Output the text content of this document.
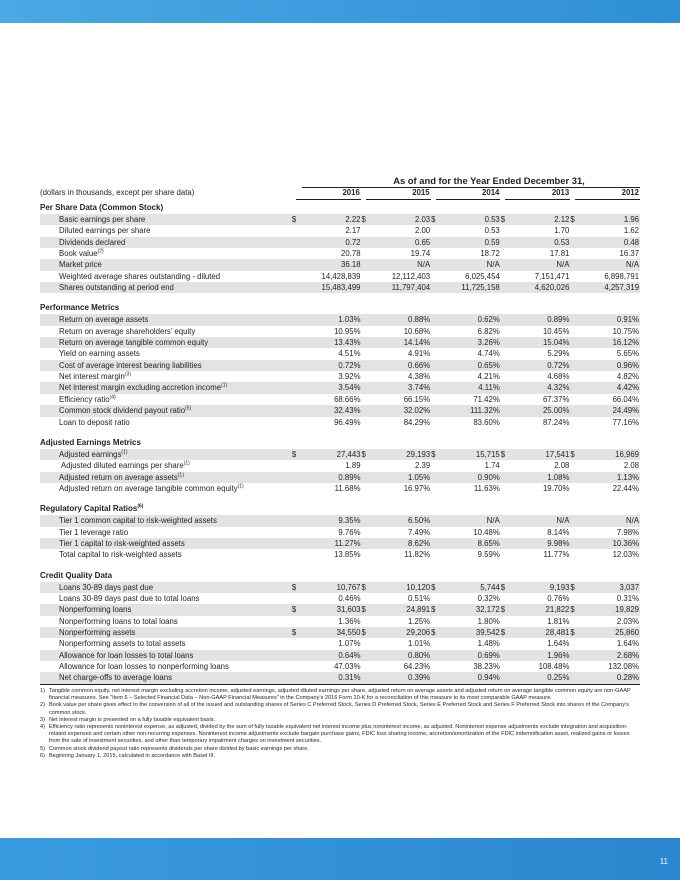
As of and for the Year Ended December 31,
(dollars in thousands, except per share data)	2016	2015	2014	2013	2012
Per Share Data (Common Stock)
Basic earnings per share	$	2.22 $	2.03 $	0.53 $	2.12 $	1.96
Diluted earnings per share	2.17	2.00	0.53	1.70	1.62
Dividends declared	0.72	0.65	0.59	0.53	0.48
Book value$^{(2)}$	20.78	19.74	18.72	17.81	16.37
Market price	36.18	N/A	N/A	N/A	N/A
Weighted average shares outstanding - diluted	14,428,839	12,112,403	6,025,454	7,151,471	6,898,791
Shares outstanding at period end	15,483,499	11,797,404	11,725,158	4,620,026	4,257,319
Performance Metrics
Return on average assets	1.03%	0.88%	0.62%	0.89%	0.91%
Return on average shareholders’ equity	10.95%	10.68%	6.82%	10.45%	10.75%
Return on average tangible common equity	13.43%	14.14%	3.26%	15.04%	16.12%
Yield on earning assets	4.51%	4.91%	4.74%	5.29%	5.65%
Cost of average interest bearing liabilities	0.72%	0.66%	0.65%	0.72%	0.96%
Net interest margin$^{(3)}$	3.92%	4.38%	4.21%	4.68%	4.82%
Net interest margin excluding accretion income$^{(1)}$	3.54%	3.74%	4.11%	4.32%	4.42%
Efficiency ratio$^{(4)}$	68.66%	66.15%	71.42%	67.37%	66.04%
Common stock dividend payout ratio$^{(5)}$	32.43%	32.02%	111.32%	25.00%	24.49%
Loan to deposit ratio	96.49%	84.29%	83.60%	87.24%	77.16%
Adjusted Earnings Metrics
Adjusted earnings$^{(1)}$	$	27,443 $	29,193 $	15,715 $	17,541 $	16,969
Adjusted diluted earnings per share$^{(1)}$	1.89	2.39	1.74	2.08	2.08
Adjusted return on average assets$^{(1)}$	0.89%	1.05%	0.90%	1.08%	1.13%
Adjusted return on average tangible common equity$^{(1)}$	11.68%	16.97%	11.63%	19.70%	22.44%
Regulatory Capital Ratios$^{(6)}$
Tier 1 common capital to risk-weighted assets	9.35%	6.50%	N/A	N/A	N/A
Tier 1 leverage ratio	9.76%	7.49%	10.48%	8.14%	7.98%
Tier 1 capital to risk-weighted assets	11.27%	8.62%	8.65%	9.98%	10.36%
Total capital to risk-weighted assets	13.85%	11.82%	9.59%	11.77%	12.03%
Credit Quality Data
Loans 30-89 days past due	$	10,767 $	10,120 $	5,744 $	9,193 $	3,037
Loans 30-89 days past due to total loans	0.46%	0.51%	0.32%	0.76%	0.31%
Nonperforming loans	$	31,603 $	24,891 $	32,172 $	21,822 $	19,829
Nonperforming loans to total loans	1.36%	1.25%	1.80%	1.81%	2.03%
Nonperforming assets	$	34,550 $	29,206 $	39,542 $	28,481 $	25,860
Nonperforming assets to total assets	1.07%	1.01%	1.48%	1.64%	1.64%
Allowance for loan losses to total loans	0.64%	0.80%	0.69%	1.96%	2.68%
Allowance for loan losses to nonperforming loans	47.03%	64.23%	38.23%	108.48%	132.08%
Net charge-offs to average loans	0.31%	0.39%	0.94%	0.25%	0.28%
1) Tangible common equity, net interest margin excluding accretion income, adjusted earnings, adjusted diluted earnings per share, adjusted return on average assets and adjusted return on average tangible common equity are non-GAAP financial measures. See “Item 6 – Selected Financial Data – Non-GAAP Financial Measures” in the Company’s 2016 Form 10-K for a reconciliation of this measure to its most comparable GAAP measure.
2) Book value per share gives effect to the conversion of all of the issued and outstanding shares of Series C Preferred Stock, Series D Preferred Stock, Series E Preferred Stock and Series F Preferred Stock into shares of the Company’s common stock.
3) Net interest margin is presented on a fully taxable equivalent basis.
4) Efficiency ratio represents noninterest expense, as adjusted, divided by the sum of fully taxable equivalent net interest income plus noninterest income, as adjusted. Noninterest expense adjustments exclude integration and acquisition-related expenses and certain other non-recurring expenses. Noninterest income adjustments exclude bargain purchase gains, FDIC loss sharing income, accretion/amortization of the FDIC indemnification asset, realized gains or losses from the sale of investment securities, and other than temporary impairment charges on investment securities.
5) Common stock dividend payout ratio represents dividends per share divided by basic earnings per share.
6) Beginning January 1, 2015, calculated in accordance with Basel III.
11
